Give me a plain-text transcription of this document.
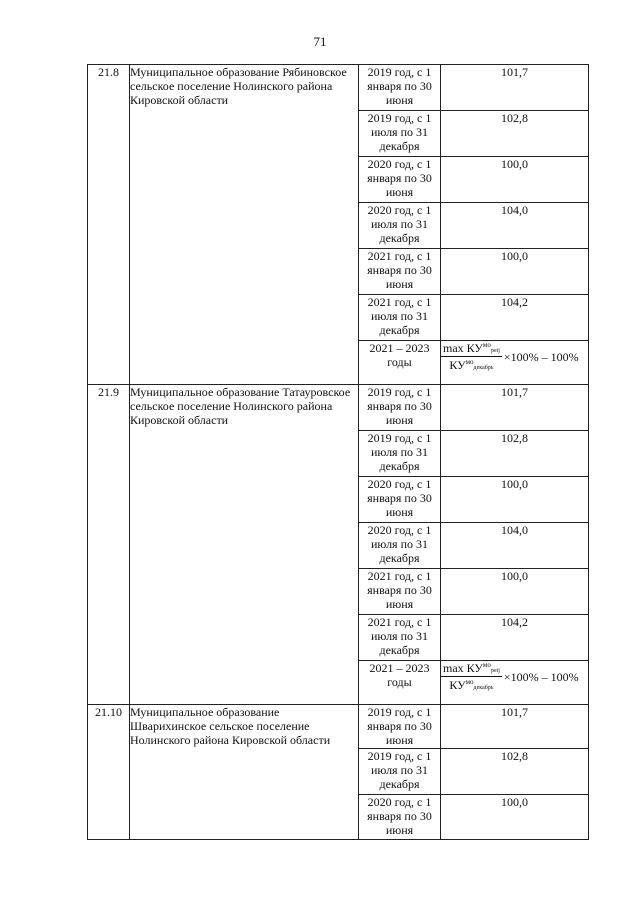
71
21.8	Муниципальное образование Рябиновское сельское поселение Нолинского района Кировской области	2019 год, с 1 января по 30 июня	101,7
		2019 год, с 1 июля по 31 декабря	102,8
		2020 год, с 1 января по 30 июня	100,0
		2020 год, с 1 июля по 31 декабря	104,0
		2021 год, с 1 января по 30 июня	100,0
		2021 год, с 1 июля по 31 декабря	104,2
		2021 – 2023 годы	$\frac{\max КУ^{мо}_{petj}}{КУ^{мо}_{декабрь}} \times 100\% - 100\%$

21.9	Муниципальное образование Татауровское сельское поселение Нолинского района Кировской области	2019 год, с 1 января по 30 июня	101,7
		2019 год, с 1 июля по 31 декабря	102,8
		2020 год, с 1 января по 30 июня	100,0
		2020 год, с 1 июля по 31 декабря	104,0
		2021 год, с 1 января по 30 июня	100,0
		2021 год, с 1 июля по 31 декабря	104,2
		2021 – 2023 годы	$\frac{\max КУ^{мо}_{petj}}{КУ^{мо}_{декабрь}} \times 100\% - 100\%$

21.10	Муниципальное образование Шварихинское сельское поселение Нолинского района Кировской области	2019 год, с 1 января по 30 июня	101,7
		2019 год, с 1 июля по 31 декабря	102,8
		2020 год, с 1 января по 30 июня	100,0
